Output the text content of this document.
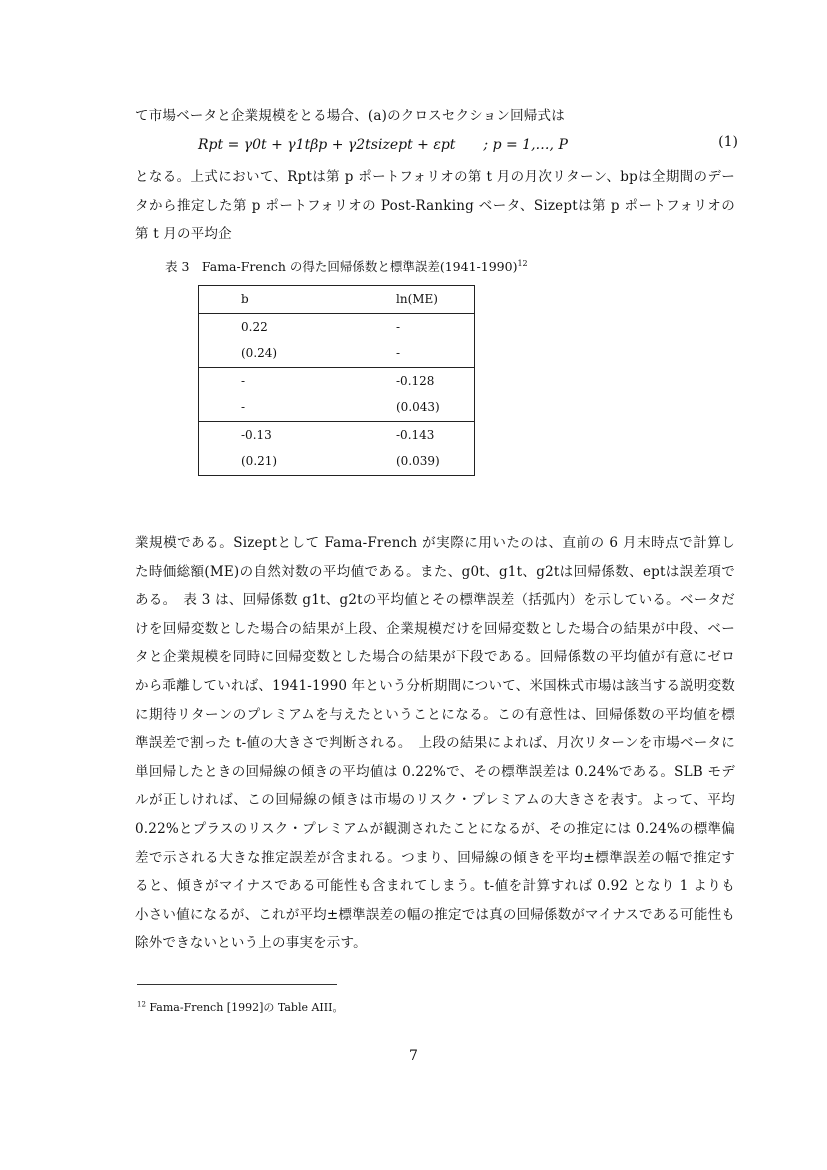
て市場ベータと企業規模をとる場合、(a)のクロスセクション回帰式は
Rpt = γ0t + γ1tβp + γ2tsizept + εpt　　; p = 1,…, P	(1)
となる。上式において、Rptは第 p ポートフォリオの第 t 月の月次リターン、bpは全期間のデータから推定した第 p ポートフォリオの Post-Ranking ベータ、Sizeptは第 p ポートフォリオの第 t 月の平均企
表 3　Fama-French の得た回帰係数と標準誤差(1941-1990)$^{12}$
b	ln(ME)
0.22	-
(0.24)	-
-	-0.128
-	(0.043)
-0.13	-0.143
(0.21)	(0.039)
業規模である。Sizeptとして Fama-French が実際に用いたのは、直前の 6 月末時点で計算した時価総額(ME)の自然対数の平均値である。また、g0t、g1t、g2tは回帰係数、eptは誤差項である。　表 3 は、回帰係数 g1t、g2tの平均値とその標準誤差（括弧内）を示している。ベータだけを回帰変数とした場合の結果が上段、企業規模だけを回帰変数とした場合の結果が中段、ベータと企業規模を同時に回帰変数とした場合の結果が下段である。回帰係数の平均値が有意にゼロから乖離していれば、1941-1990 年という分析期間について、米国株式市場は該当する説明変数に期待リターンのプレミアムを与えたということになる。この有意性は、回帰係数の平均値を標準誤差で割った t-値の大きさで判断される。　上段の結果によれば、月次リターンを市場ベータに単回帰したときの回帰線の傾きの平均値は 0.22%で、その標準誤差は 0.24%である。SLB モデルが正しければ、この回帰線の傾きは市場のリスク・プレミアムの大きさを表す。よって、平均 0.22%とプラスのリスク・プレミアムが観測されたことになるが、その推定には 0.24%の標準偏差で示される大きな推定誤差が含まれる。つまり、回帰線の傾きを平均±標準誤差の幅で推定すると、傾きがマイナスである可能性も含まれてしまう。t-値を計算すれば 0.92 となり 1 よりも小さい値になるが、これが平均±標準誤差の幅の推定では真の回帰係数がマイナスである可能性も除外できないという上の事実を示す。
$^{12}$ Fama-French [1992]の Table AIII。
7
